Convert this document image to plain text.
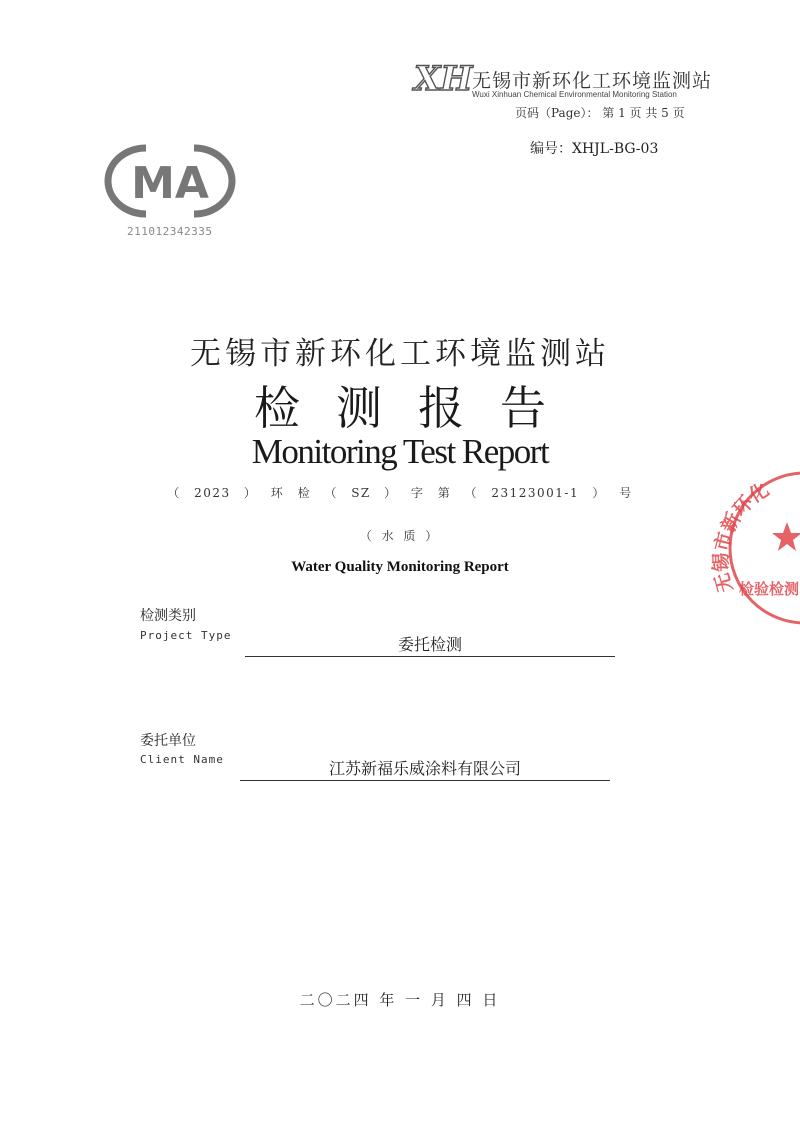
XH 无锡市新环化工环境监测站
Wuxi Xinhuan Chemical Environmental Monitoring Station
页码（Page）： 第 1 页 共 5 页
编号：XHJL-BG-03
MA
211012342335
无锡市新环化工环境监测站
检测报告
Monitoring Test Report
（ 2023 ） 环 检 （ SZ ） 字 第 （ 23123001-1 ） 号
（ 水 质 ）
Water Quality Monitoring Report
检测类别
Project Type	委托检测
委托单位
Client Name	江苏新福乐威涂料有限公司
二〇二四 年 一 月 四 日
无锡市新环化
检验检测
